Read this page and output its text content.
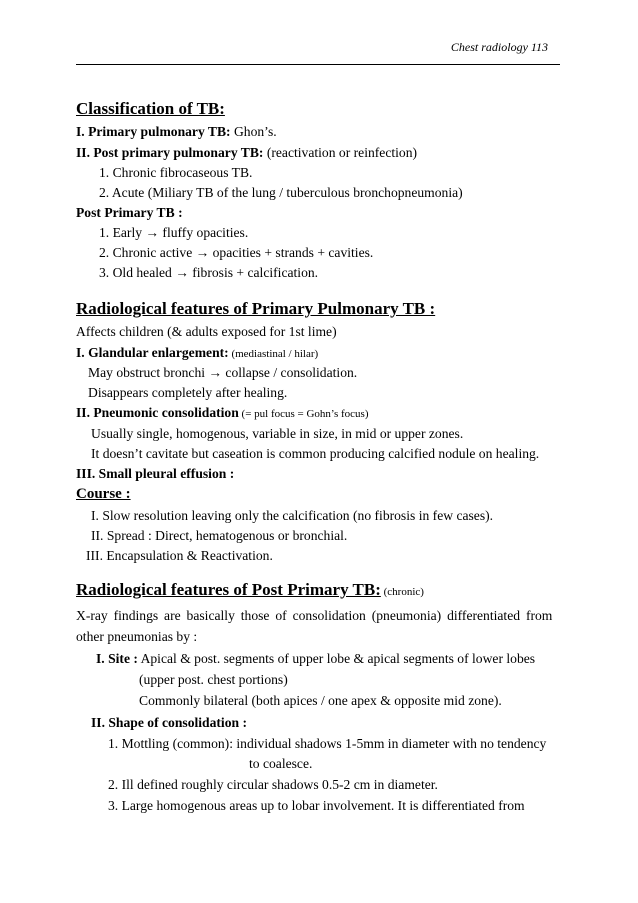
Chest radiology 113
Classification of TB:
I. Primary pulmonary TB: Ghon’s.
II. Post primary pulmonary TB: (reactivation or reinfection)
1. Chronic fibrocaseous TB.
2. Acute (Miliary TB of the lung / tuberculous bronchopneumonia)
Post Primary TB :
1. Early → fluffy opacities.
2. Chronic active → opacities + strands + cavities.
3. Old healed → fibrosis + calcification.
Radiological features of Primary Pulmonary TB :
Affects children (& adults exposed for 1st lime)
I. Glandular enlargement: (mediastinal / hilar)
May obstruct bronchi → collapse / consolidation.
Disappears completely after healing.
II. Pneumonic consolidation (= pul focus = Gohn’s focus)
Usually single, homogenous, variable in size, in mid or upper zones.
It doesn’t cavitate but caseation is common producing calcified nodule on healing.
III. Small pleural effusion :
Course :
I. Slow resolution leaving only the calcification (no fibrosis in few cases).
II. Spread : Direct, hematogenous or bronchial.
III. Encapsulation & Reactivation.
Radiological features of Post Primary TB: (chronic)
X-ray findings are basically those of consolidation (pneumonia) differentiated from
other pneumonias by :
I. Site : Apical & post. segments of upper lobe & apical segments of lower lobes
(upper post. chest portions)
Commonly bilateral (both apices / one apex & opposite mid zone).
II. Shape of consolidation :
1. Mottling (common): individual shadows 1-5mm in diameter with no tendency
to coalesce.
2. Ill defined roughly circular shadows 0.5-2 cm in diameter.
3. Large homogenous areas up to lobar involvement. It is differentiated from
